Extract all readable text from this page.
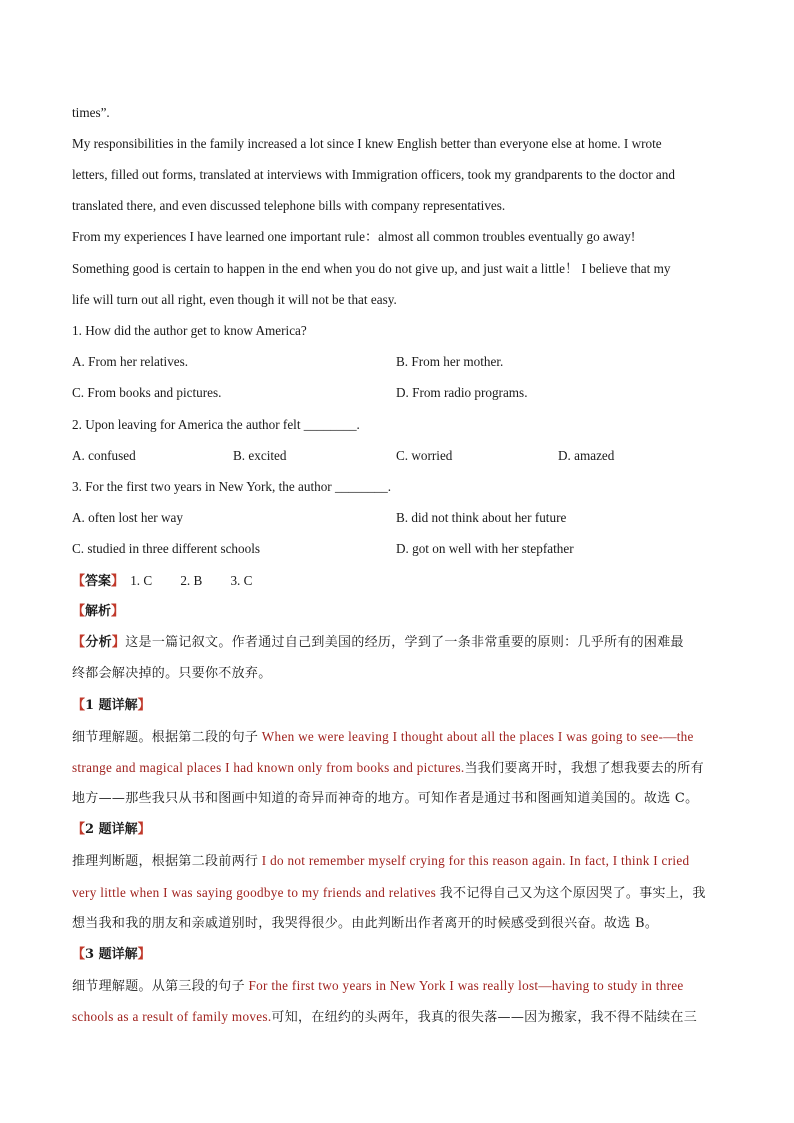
times”.
My responsibilities in the family increased a lot since I knew English better than everyone else at home. I wrote
letters, filled out forms, translated at interviews with Immigration officers, took my grandparents to the doctor and
translated there, and even discussed telephone bills with company representatives.
From my experiences I have learned one important rule：almost all common troubles eventually go away!
Something good is certain to happen in the end when you do not give up, and just wait a little！ I believe that my
life will turn out all right, even though it will not be that easy.
1. How did the author get to know America?
A. From her relatives.	B. From her mother.
C. From books and pictures.	D. From radio programs.
2. Upon leaving for America the author felt ________.
A. confused	B. excited	C. worried	D. amazed
3. For the first two years in New York, the author ________.
A. often lost her way	B. did not think about her future
C. studied in three different schools	D. got on well with her stepfather
【答案】 1. C 2. B 3. C
【解析】
【分析】这是一篇记叙文。作者通过自己到美国的经历，学到了一条非常重要的原则：几乎所有的困难最
终都会解决掉的。只要你不放弃。
【1 题详解】
细节理解题。根据第二段的句子 When we were leaving I thought about all the places I was going to see-—the
strange and magical places I had known only from books and pictures.当我们要离开时，我想了想我要去的所有
地方——那些我只从书和图画中知道的奇异而神奇的地方。可知作者是通过书和图画知道美国的。故选 C。
【2 题详解】
推理判断题，根据第二段前两行 I do not remember myself crying for this reason again. In fact, I think I cried
very little when I was saying goodbye to my friends and relatives 我不记得自己又为这个原因哭了。事实上，我
想当我和我的朋友和亲戚道别时，我哭得很少。由此判断出作者离开的时候感受到很兴奋。故选 B。
【3 题详解】
细节理解题。从第三段的句子 For the first two years in New York I was really lost—having to study in three
schools as a result of family moves.可知，在纽约的头两年，我真的很失落——因为搬家，我不得不陆续在三
